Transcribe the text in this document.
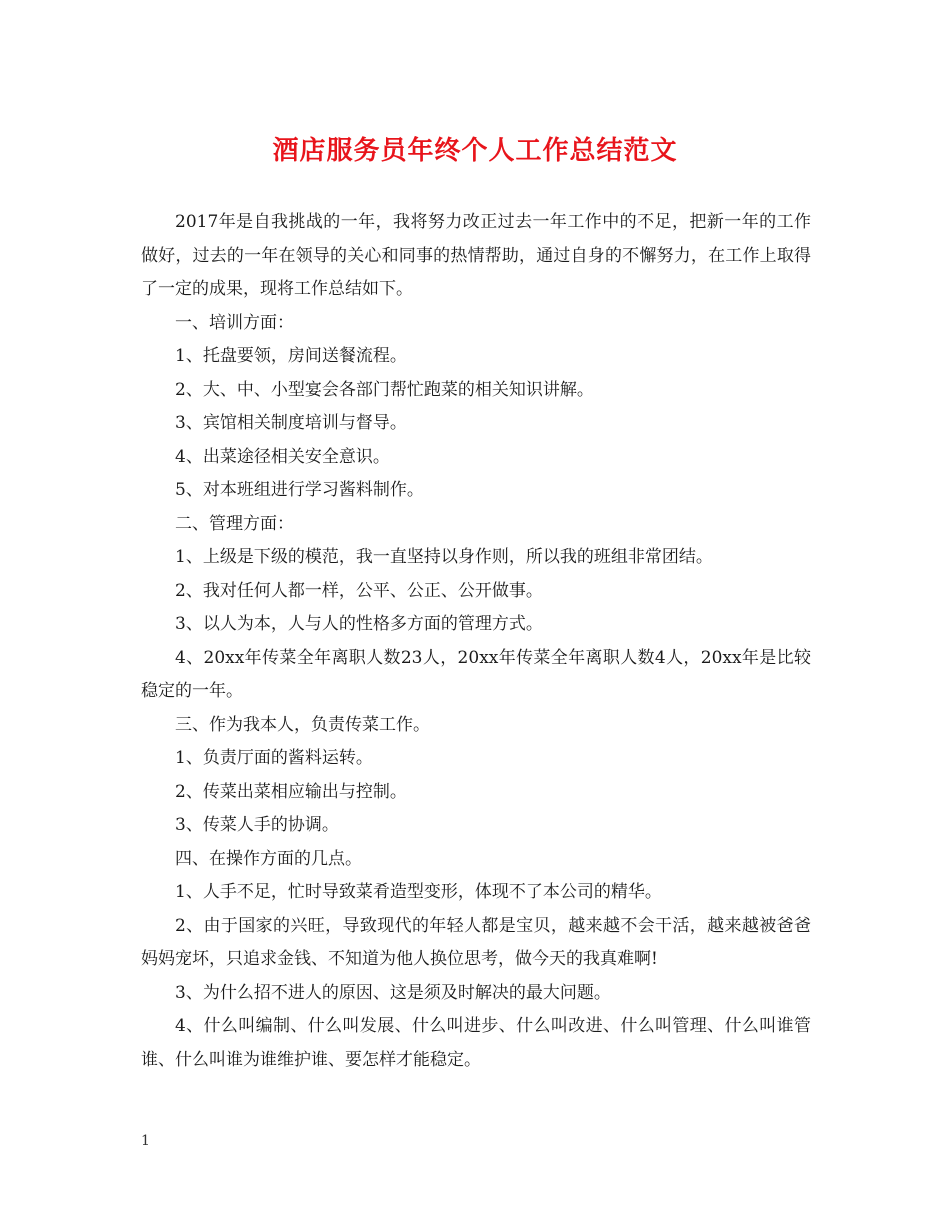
酒店服务员年终个人工作总结范文

2017年是自我挑战的一年，我将努力改正过去一年工作中的不足，把新一年的工作做好，过去的一年在领导的关心和同事的热情帮助，通过自身的不懈努力，在工作上取得了一定的成果，现将工作总结如下。

一、培训方面：

1、托盘要领，房间送餐流程。

2、大、中、小型宴会各部门帮忙跑菜的相关知识讲解。

3、宾馆相关制度培训与督导。

4、出菜途径相关安全意识。

5、对本班组进行学习酱料制作。

二、管理方面：

1、上级是下级的模范，我一直坚持以身作则，所以我的班组非常团结。

2、我对任何人都一样，公平、公正、公开做事。

3、以人为本，人与人的性格多方面的管理方式。

4、20xx年传菜全年离职人数23人，20xx年传菜全年离职人数4人，20xx年是比较稳定的一年。

三、作为我本人，负责传菜工作。

1、负责厅面的酱料运转。

2、传菜出菜相应输出与控制。

3、传菜人手的协调。

四、在操作方面的几点。

1、人手不足，忙时导致菜肴造型变形，体现不了本公司的精华。

2、由于国家的兴旺，导致现代的年轻人都是宝贝，越来越不会干活，越来越被爸爸妈妈宠坏，只追求金钱、不知道为他人换位思考，做今天的我真难啊!

3、为什么招不进人的原因、这是须及时解决的最大问题。

4、什么叫编制、什么叫发展、什么叫进步、什么叫改进、什么叫管理、什么叫谁管谁、什么叫谁为谁维护谁、要怎样才能稳定。

1
